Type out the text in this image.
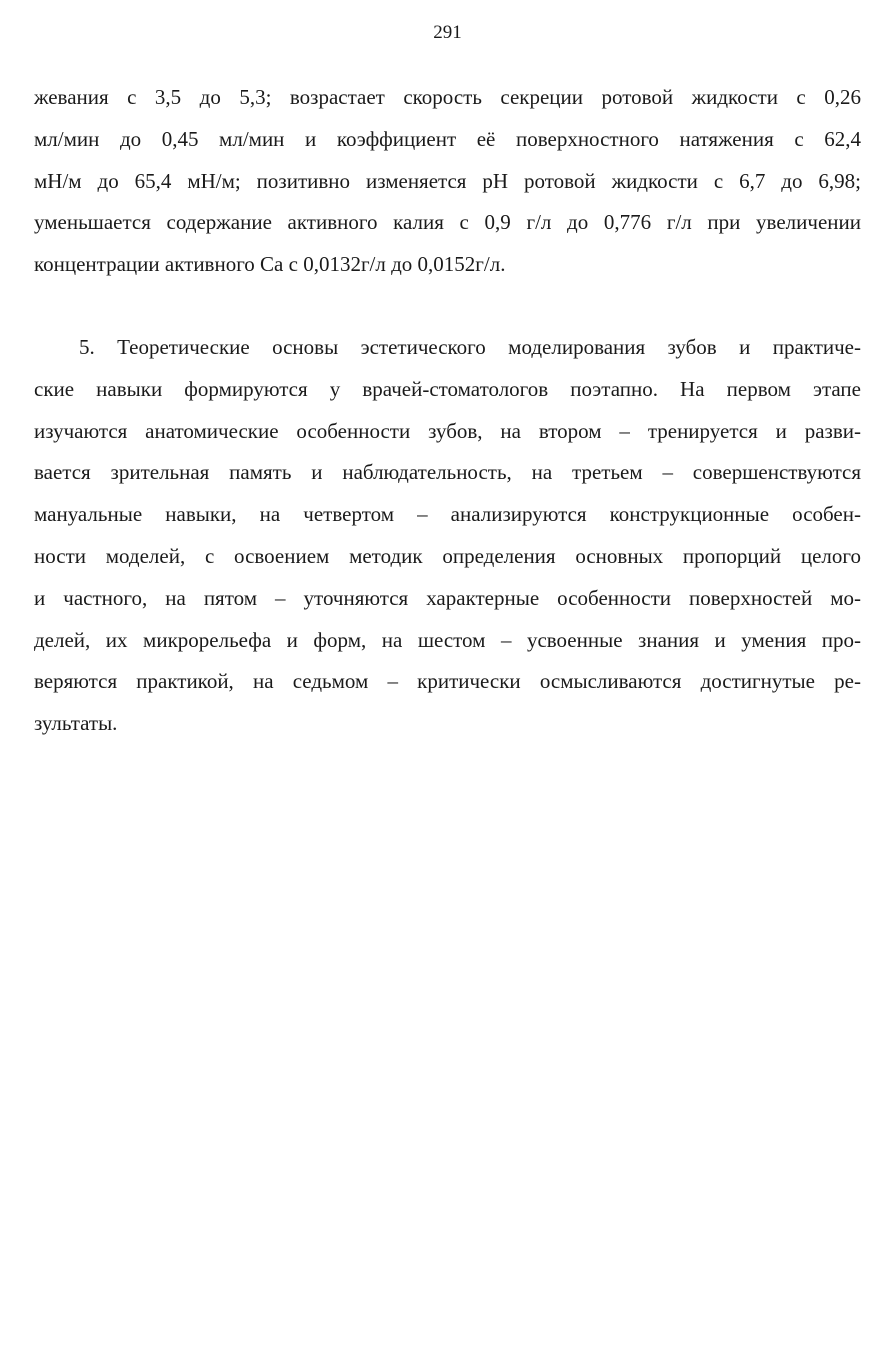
291
жевания с 3,5 до 5,3; возрастает скорость секреции ротовой жидкости с 0,26
мл/мин до 0,45 мл/мин и коэффициент её поверхностного натяжения с 62,4
мН/м до 65,4 мН/м; позитивно изменяется рН ротовой жидкости с 6,7 до 6,98;
уменьшается содержание активного калия с 0,9 г/л до 0,776 г/л при увеличении
концентрации активного Са с 0,0132г/л до 0,0152г/л.
5. Теоретические основы эстетического моделирования зубов и практиче-
ские навыки формируются у врачей-стоматологов поэтапно. На первом этапе
изучаются анатомические особенности зубов, на втором – тренируется и разви-
вается зрительная память и наблюдательность, на третьем – совершенствуются
мануальные навыки, на четвертом – анализируются конструкционные особен-
ности моделей, с освоением методик определения основных пропорций целого
и частного, на пятом – уточняются характерные особенности поверхностей мо-
делей, их микрорельефа и форм, на шестом – усвоенные знания и умения про-
веряются практикой, на седьмом – критически осмысливаются достигнутые ре-
зультаты.
